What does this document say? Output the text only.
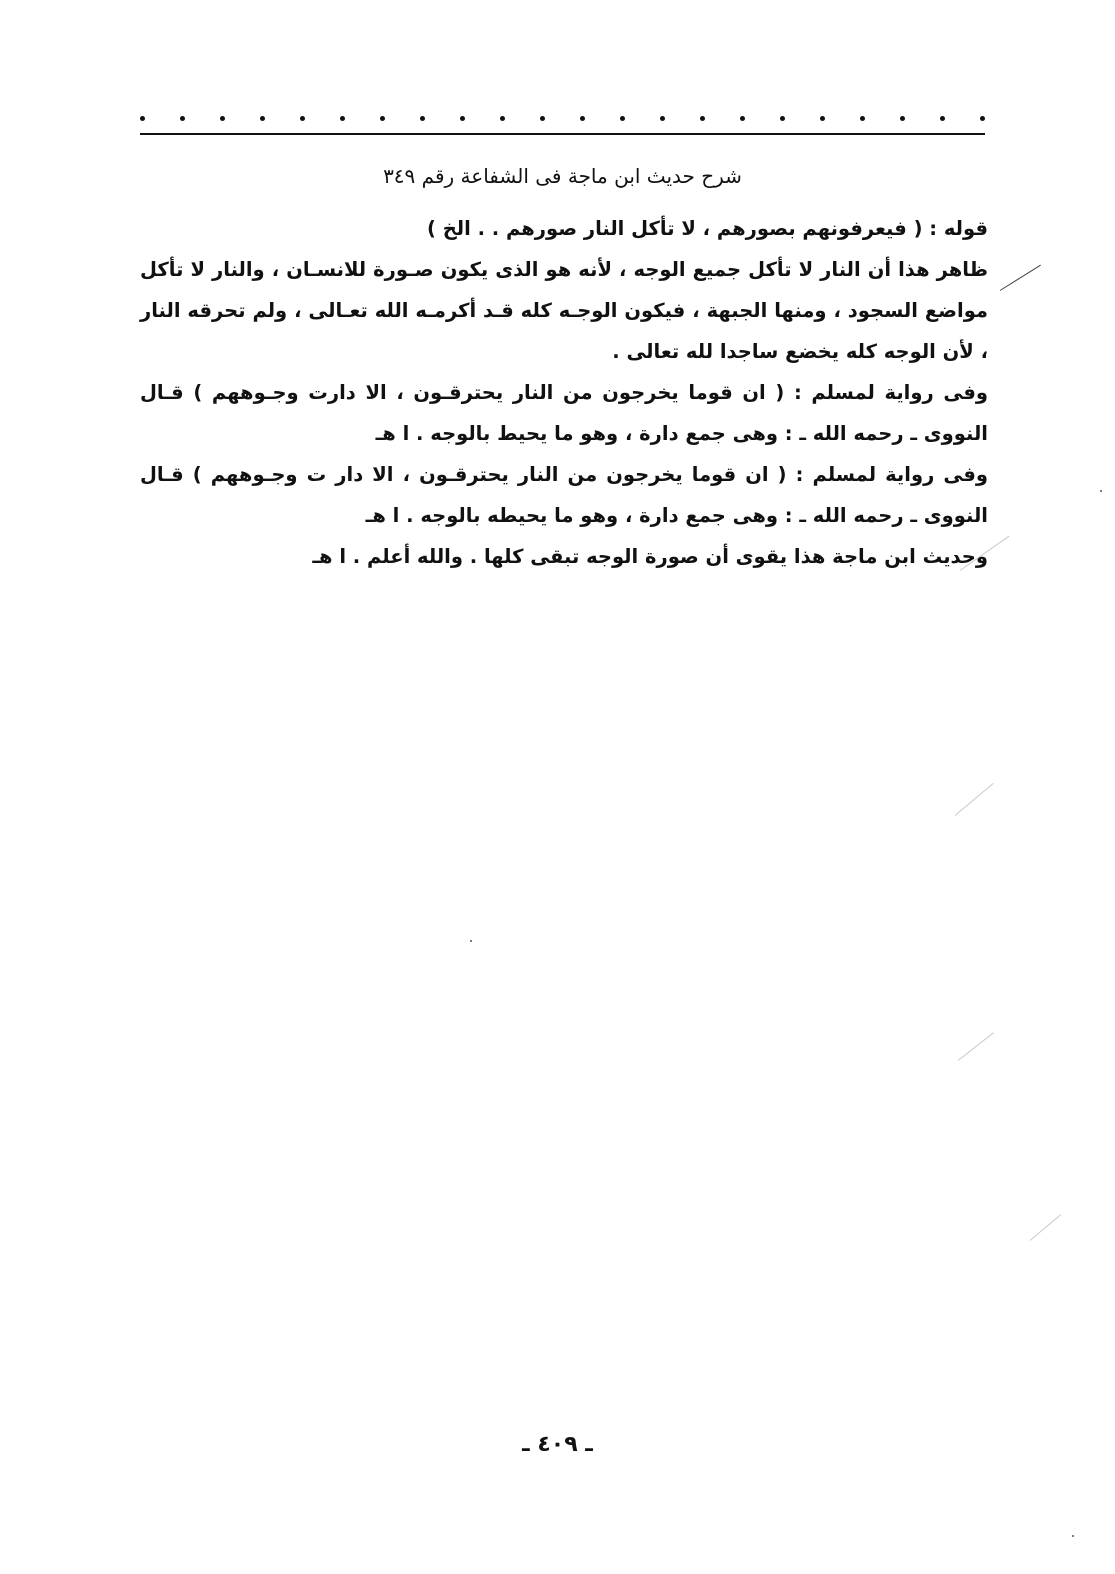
شرح حديث ابن ماجة فى الشفاعة رقم ٣٤٩

قوله : ( فيعرفونهم بصورهم ، لا تأكل النار صورهم . . الخ )

ظاهر هذا أن النار لا تأكل جميع الوجه ، لأنه هو الذى يكون صـورة للانسـان ، والنار لا تأكل مواضع السجود ، ومنها الجبهة ، فيكون الوجـه كله قـد أكرمـه الله تعـالى ، ولم تحرقه النار ، لأن الوجه كله يخضع ساجدا لله تعالى .

وفى رواية لمسلم : ( ان قوما يخرجون من النار يحترقـون ، الا دارت وجـوههم ) قـال النووى ـ رحمه الله ـ : وهى جمع دارة ، وهو ما يحيط بالوجه . ا هـ

وفى رواية لمسلم : ( ان قوما يخرجون من النار يحترقـون ، الا دار ت وجـوههم ) قـال النووى ـ رحمه الله ـ : وهى جمع دارة ، وهو ما يحيطه بالوجه . ا هـ

وحديث ابن ماجة هذا يقوى أن صورة الوجه تبقى كلها . والله أعلم . ا هـ

ـ ٤٠٩ ـ
